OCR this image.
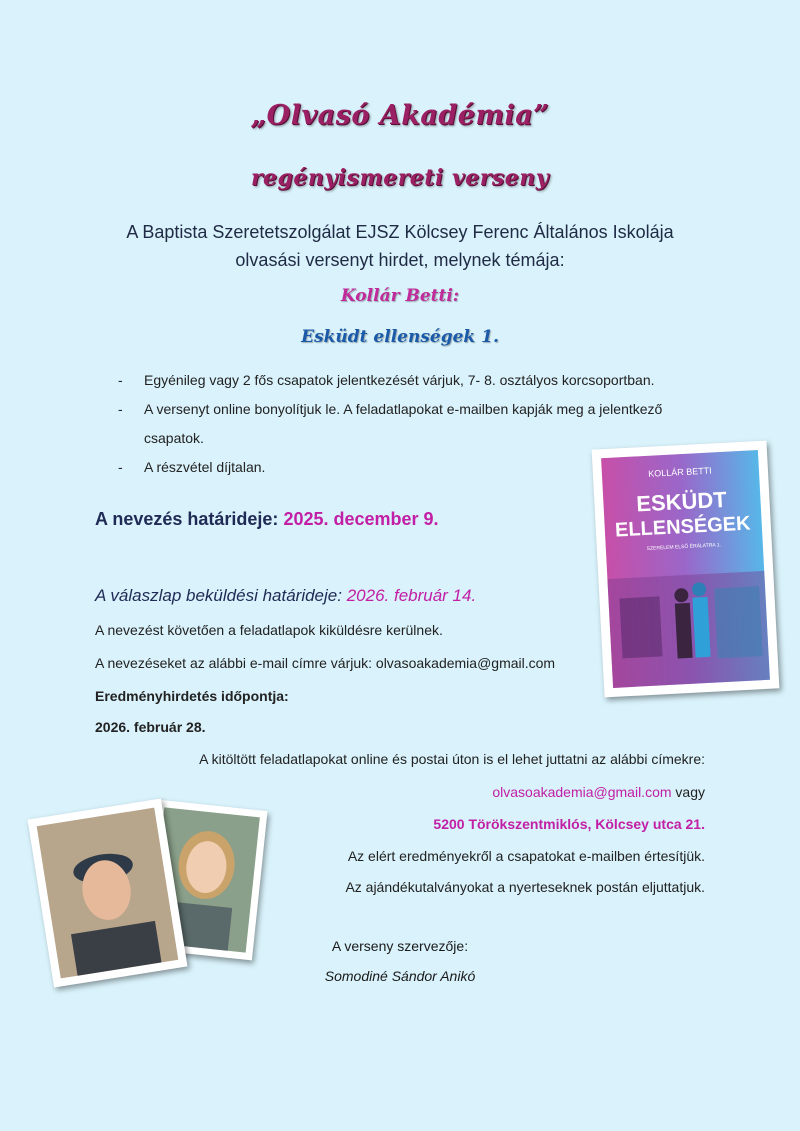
„Olvasó Akadémia”
regényismereti verseny
A Baptista Szeretetszolgálat EJSZ Kölcsey Ferenc Általános Iskolája
olvasási versenyt hirdet, melynek témája:
Kollár Betti:
Esküdt ellenségek 1.
-	Egyénileg vagy 2 fős csapatok jelentkezését várjuk, 7- 8. osztályos korcsoportban.
-	A versenyt online bonyolítjuk le. A feladatlapokat e-mailben kapják meg a jelentkező
csapatok.
-	A részvétel díjtalan.	KOLLÁR BETTI
ESKÜDT
ELLENSÉGEK
SZERELEM ELSŐ ÉRÁLATRA 1.
A nevezés határideje: 2025. december 9.
A válaszlap beküldési határideje: 2026. február 14.
A nevezést követően a feladatlapok kiküldésre kerülnek.
A nevezéseket az alábbi e-mail címre várjuk: olvasoakademia@gmail.com
Eredményhirdetés időpontja:
2026. február 28.
A kitöltött feladatlapokat online és postai úton is el lehet juttatni az alábbi címekre:
olvasoakademia@gmail.com vagy
5200 Törökszentmiklós, Kölcsey utca 21.
Az elért eredményekről a csapatokat e-mailben értesítjük.
Az ajándékutalványokat a nyerteseknek postán eljuttatjuk.
A verseny szervezője:
Somodiné Sándor Anikó
